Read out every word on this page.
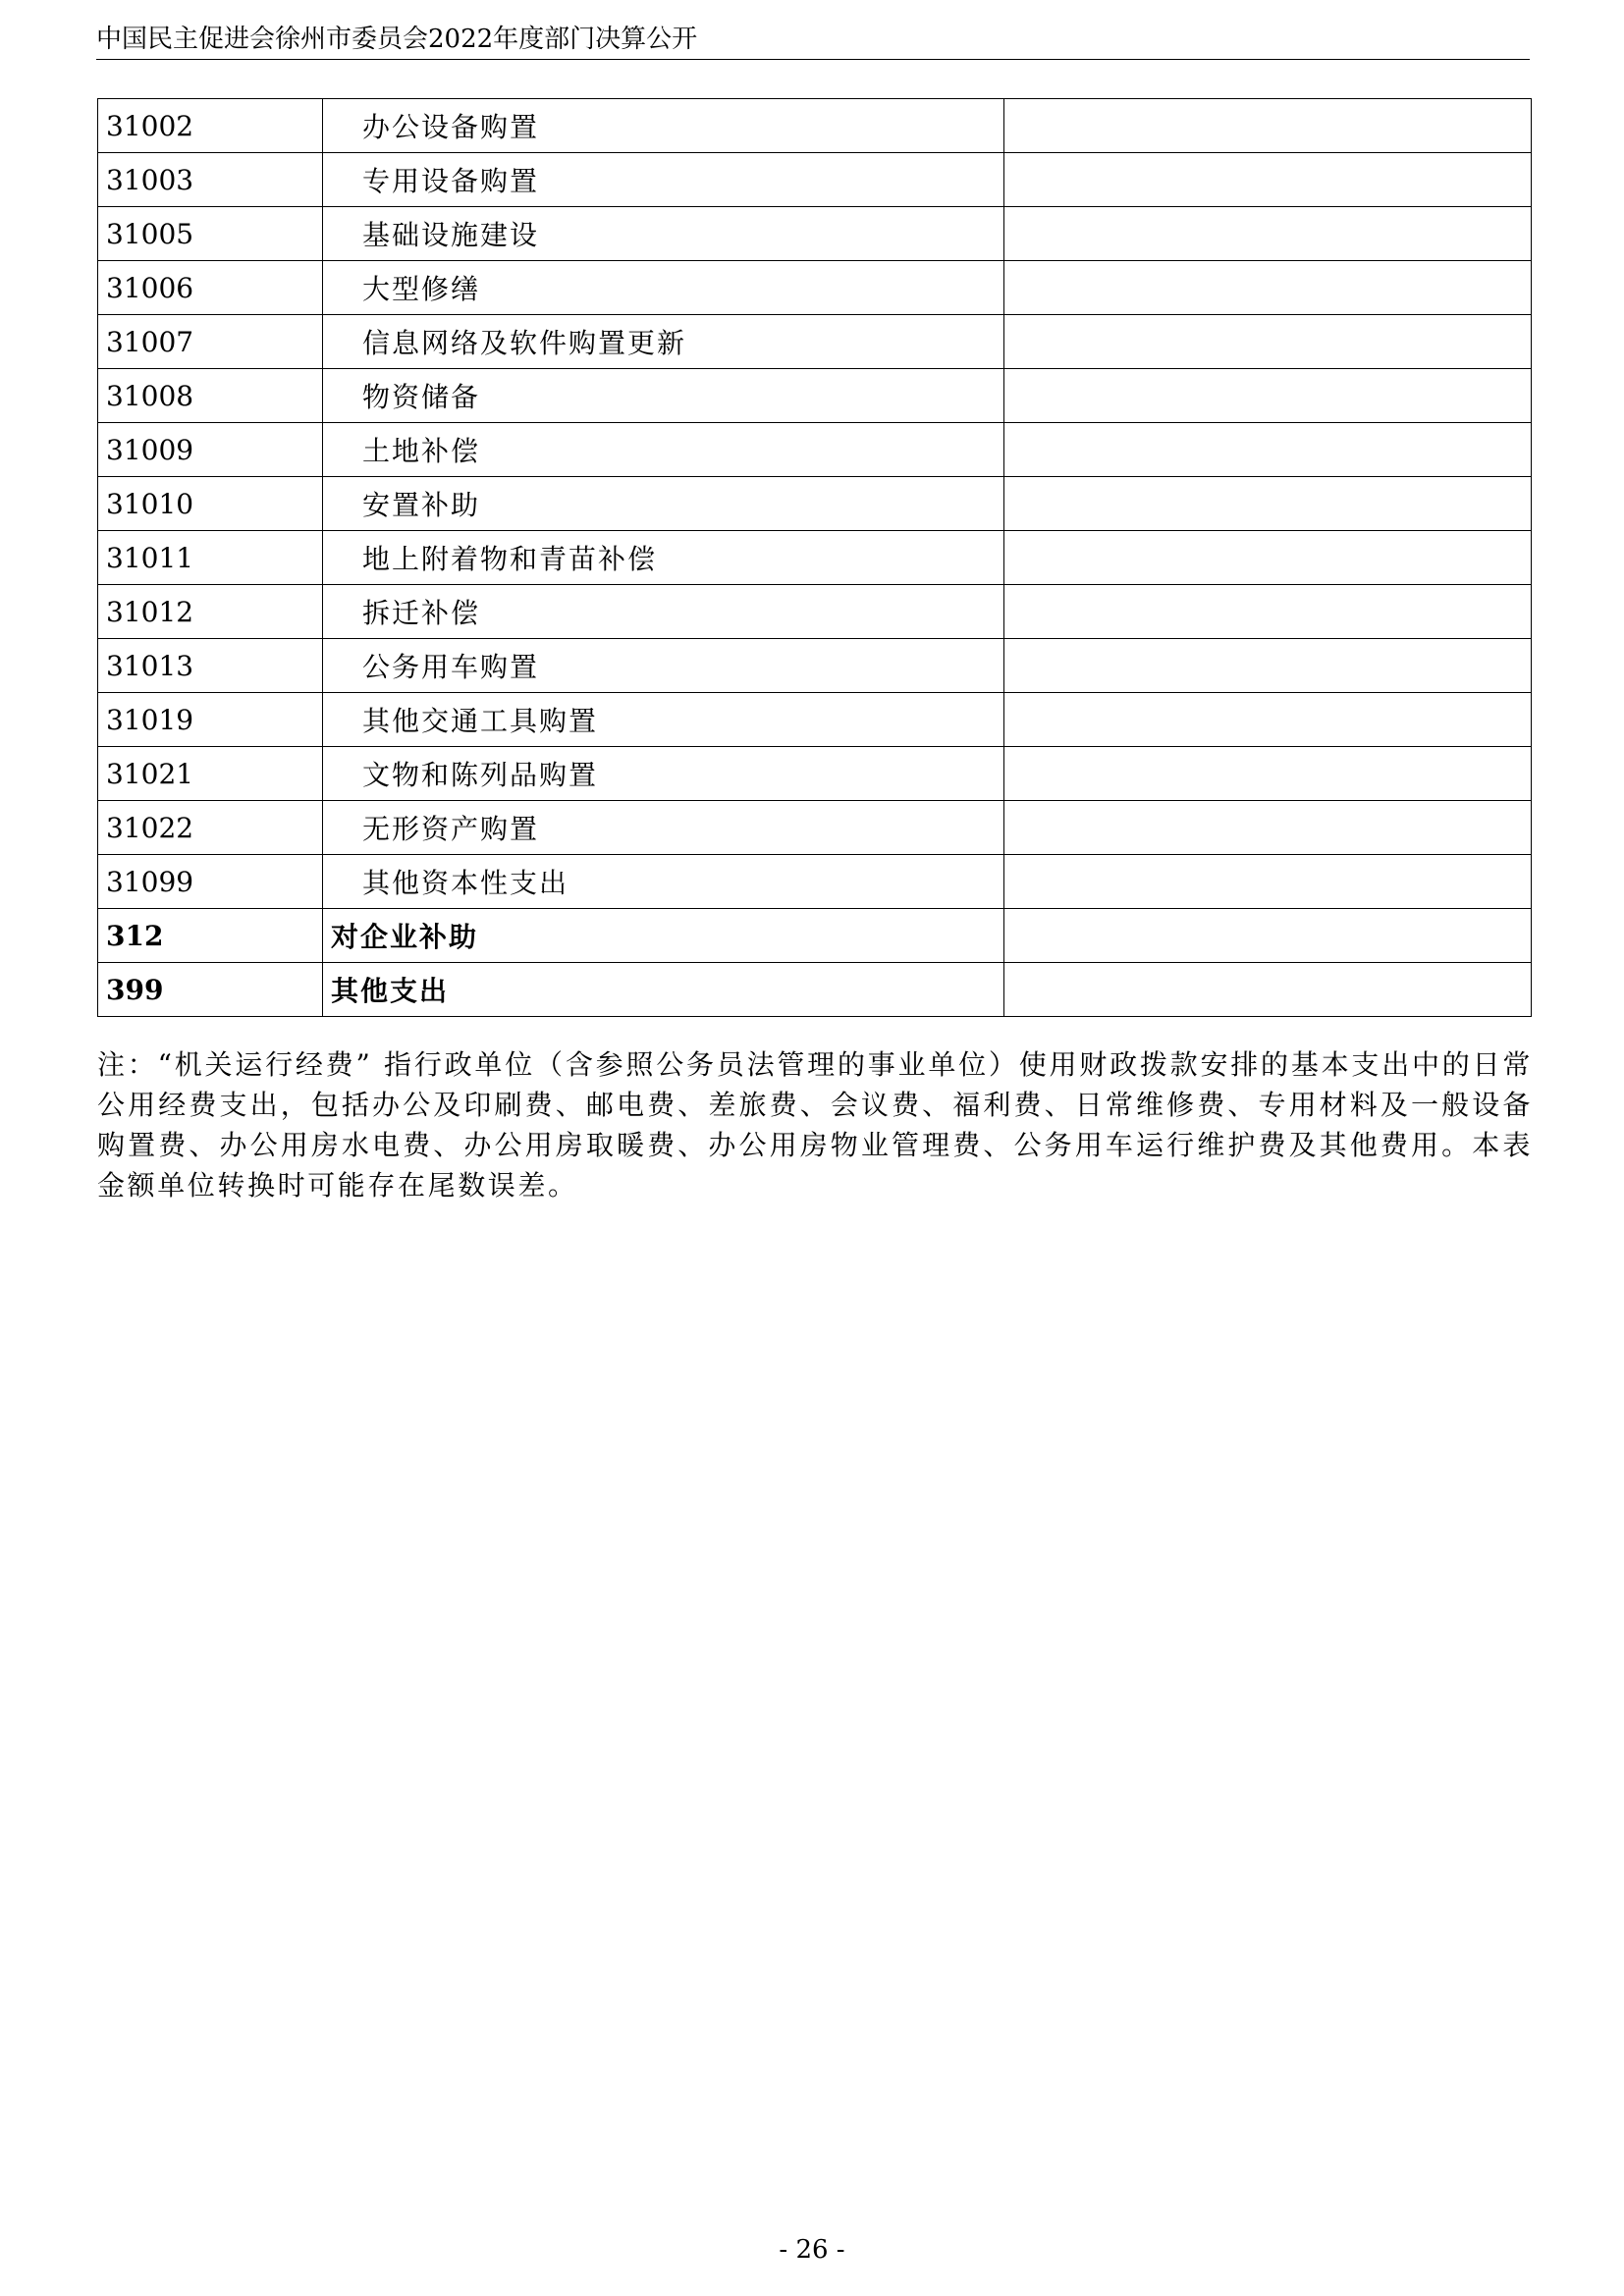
中国民主促进会徐州市委员会2022年度部门决算公开
31002	办公设备购置	
31003	专用设备购置	
31005	基础设施建设	
31006	大型修缮	
31007	信息网络及软件购置更新	
31008	物资储备	
31009	土地补偿	
31010	安置补助	
31011	地上附着物和青苗补偿	
31012	拆迁补偿	
31013	公务用车购置	
31019	其他交通工具购置	
31021	文物和陈列品购置	
31022	无形资产购置	
31099	其他资本性支出	
312	对企业补助	
399	其他支出	
注：“机关运行经费” 指行政单位（含参照公务员法管理的事业单位）使用财政拨款安排的基本支出中的日常公用经费支出，包括办公及印刷费、邮电费、差旅费、会议费、福利费、日常维修费、专用材料及一般设备购置费、办公用房水电费、办公用房取暖费、办公用房物业管理费、公务用车运行维护费及其他费用。本表金额单位转换时可能存在尾数误差。
- 26 -
